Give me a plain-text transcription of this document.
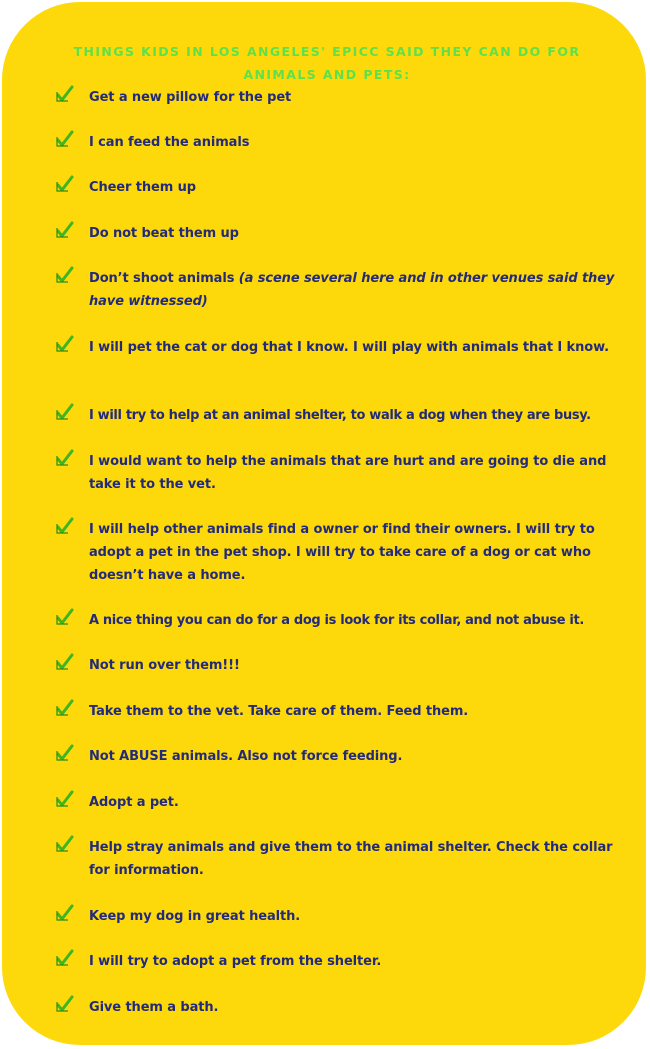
THINGS KIDS IN LOS ANGELES' EPICC SAID THEY CAN DO FOR ANIMALS AND PETS:
Get a new pillow for the pet
I can feed the animals
Cheer them up
Do not beat them up
Don’t shoot animals (a scene several here and in other venues said they have witnessed)
I will pet the cat or dog that I know. I will play with animals that I know.
I will try to help at an animal shelter, to walk a dog when they are busy.
I would want to help the animals that are hurt and are going to die and take it to the vet.
I will help other animals find a owner or find their owners. I will try to adopt a pet in the pet shop. I will try to take care of a dog or cat who doesn’t have a home.
A nice thing you can do for a dog is look for its collar, and not abuse it.
Not run over them!!!
Take them to the vet. Take care of them. Feed them.
Not ABUSE animals. Also not force feeding.
Adopt a pet.
Help stray animals and give them to the animal shelter. Check the collar for information.
Keep my dog in great health.
I will try to adopt a pet from the shelter.
Give them a bath.
